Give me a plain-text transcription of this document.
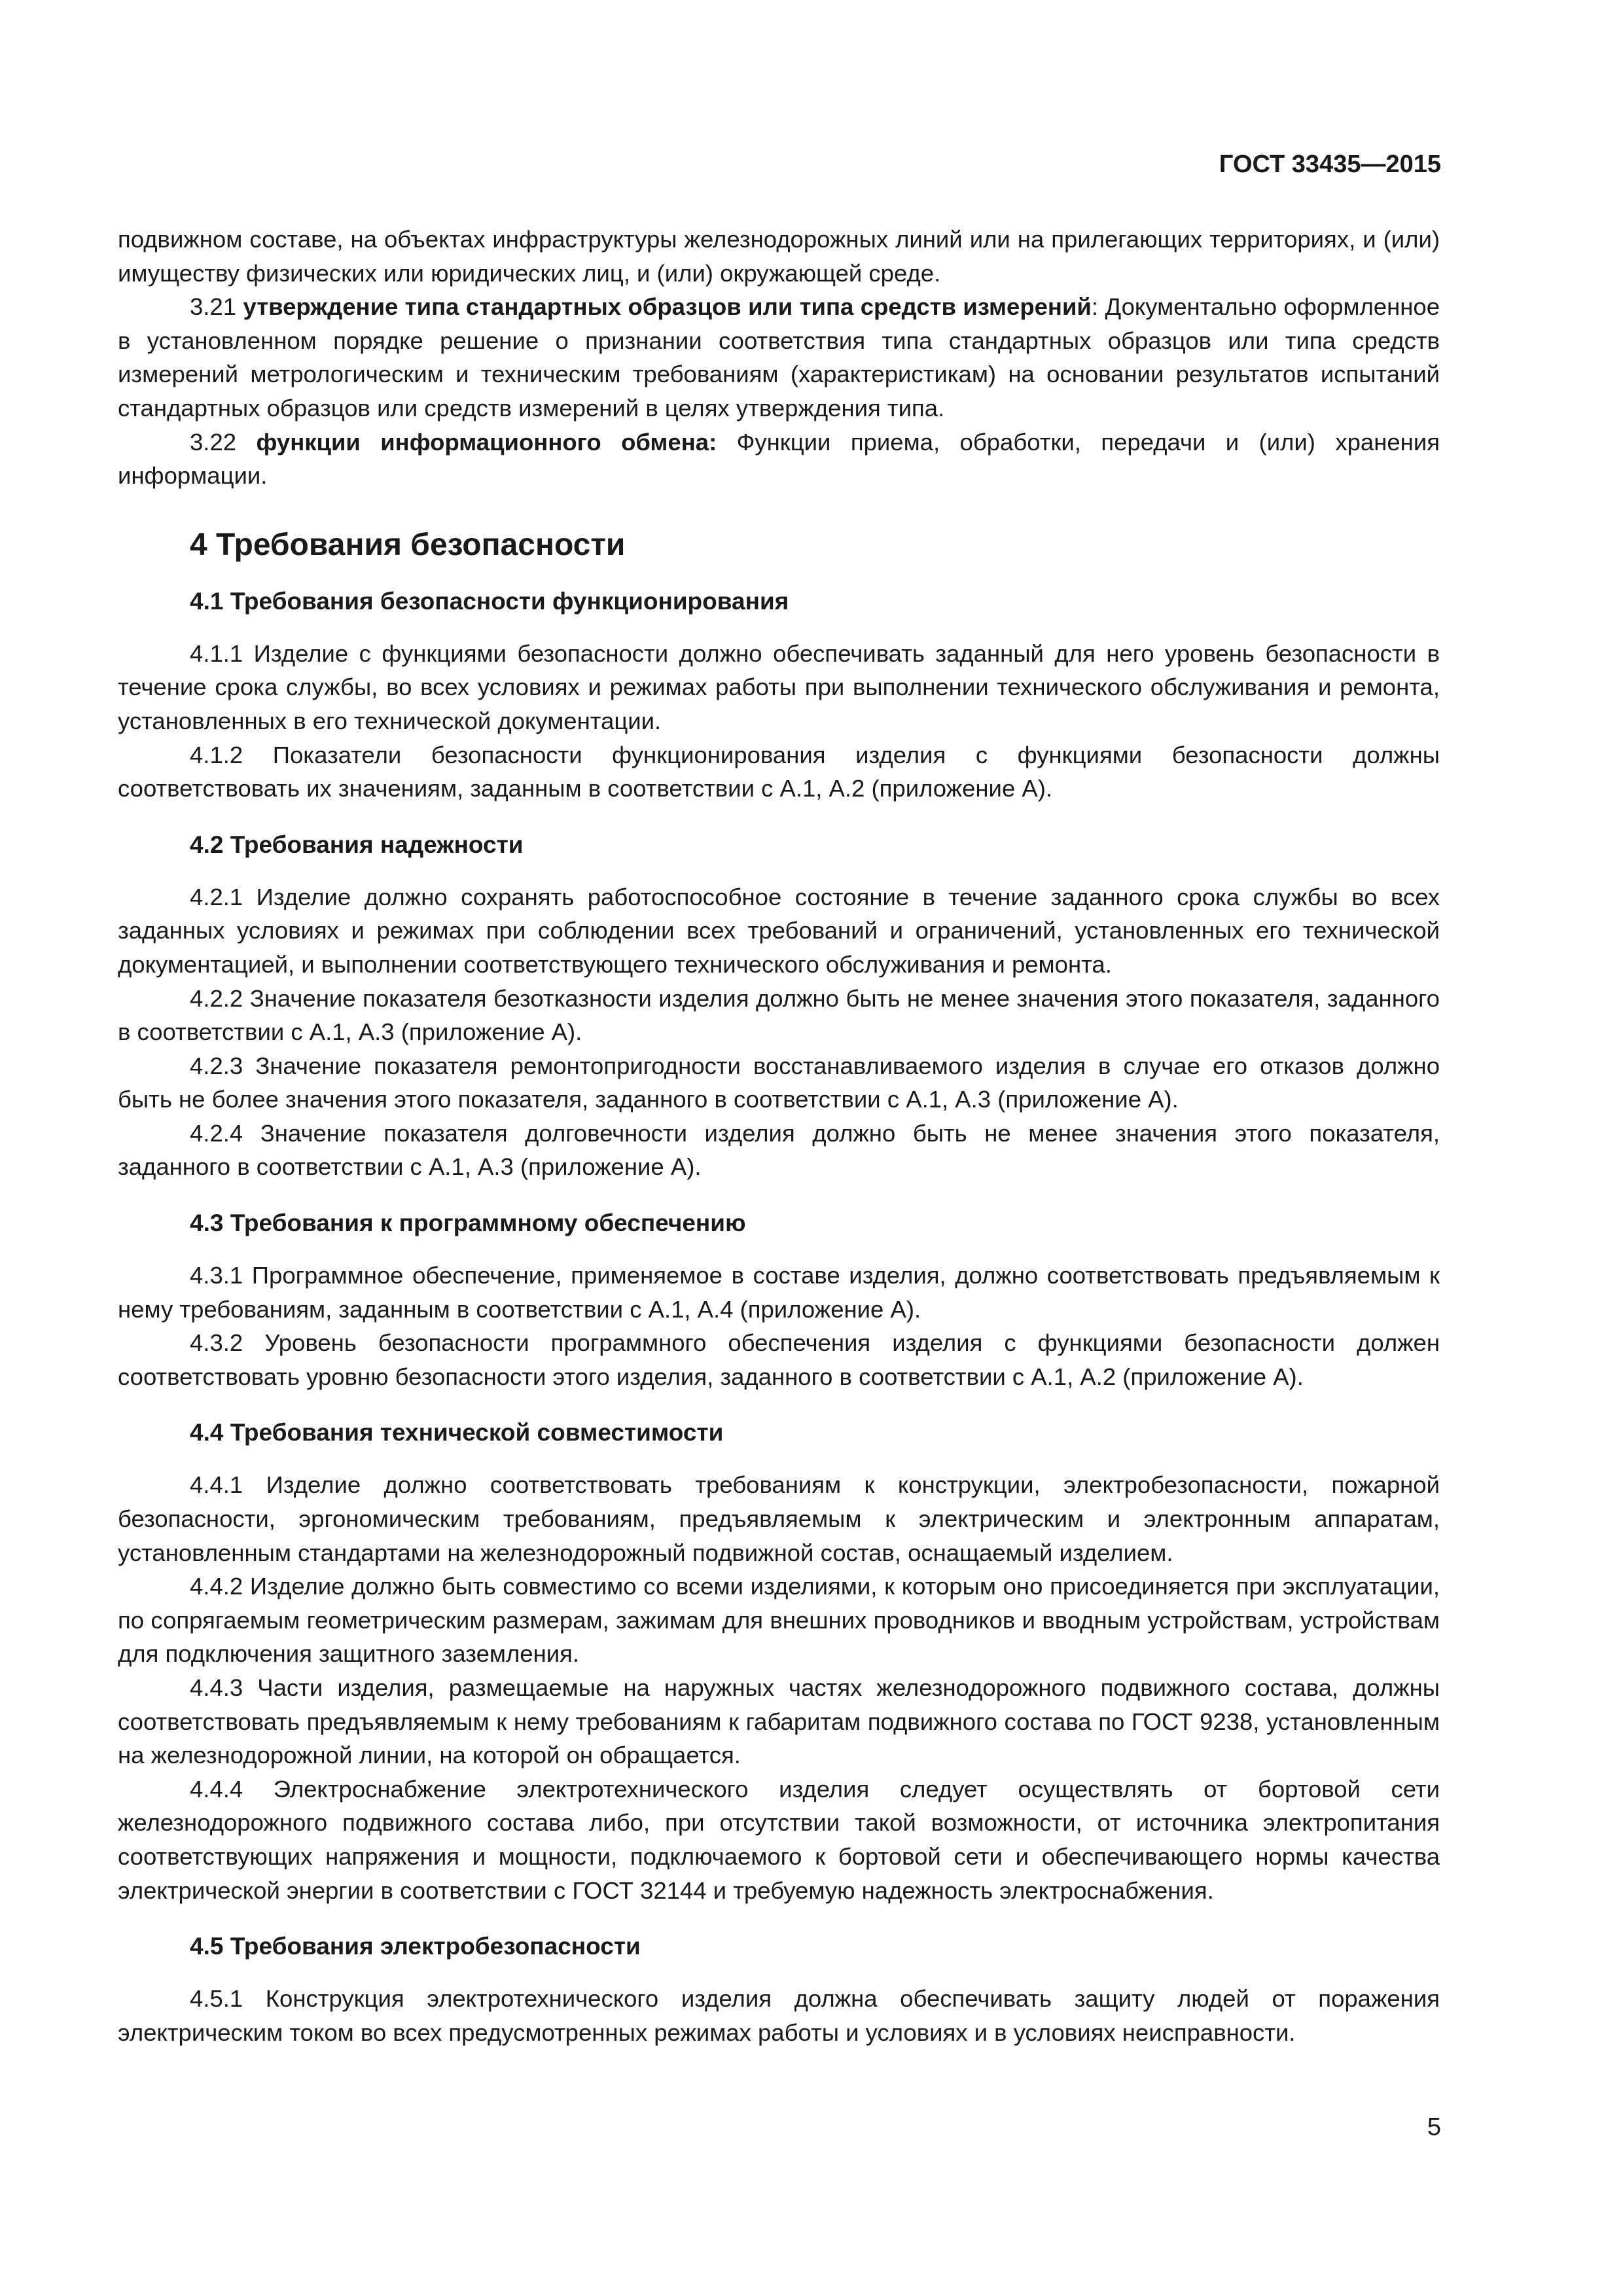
ГОСТ 33435—2015

подвижном составе, на объектах инфраструктуры железнодорожных линий или на прилегающих территориях, и (или) имуществу физических или юридических лиц, и (или) окружающей среде.

3.21 утверждение типа стандартных образцов или типа средств измерений: Документально оформленное в установленном порядке решение о признании соответствия типа стандартных образцов или типа средств измерений метрологическим и техническим требованиям (характеристикам) на основании результатов испытаний стандартных образцов или средств измерений в целях утверждения типа.

3.22 функции информационного обмена: Функции приема, обработки, передачи и (или) хранения информации.

4 Требования безопасности
4.1 Требования безопасности функционирования

4.1.1 Изделие с функциями безопасности должно обеспечивать заданный для него уровень безопасности в течение срока службы, во всех условиях и режимах работы при выполнении технического обслуживания и ремонта, установленных в его технической документации.

4.1.2 Показатели безопасности функционирования изделия с функциями безопасности должны соответствовать их значениям, заданным в соответствии с А.1, А.2 (приложение А).

4.2 Требования надежности

4.2.1 Изделие должно сохранять работоспособное состояние в течение заданного срока службы во всех заданных условиях и режимах при соблюдении всех требований и ограничений, установленных его технической документацией, и выполнении соответствующего технического обслуживания и ремонта.

4.2.2 Значение показателя безотказности изделия должно быть не менее значения этого показателя, заданного в соответствии с А.1, А.3 (приложение А).

4.2.3 Значение показателя ремонтопригодности восстанавливаемого изделия в случае его отказов должно быть не более значения этого показателя, заданного в соответствии с А.1, А.3 (приложение А).

4.2.4 Значение показателя долговечности изделия должно быть не менее значения этого показателя, заданного в соответствии с А.1, А.3 (приложение А).

4.3 Требования к программному обеспечению

4.3.1 Программное обеспечение, применяемое в составе изделия, должно соответствовать предъявляемым к нему требованиям, заданным в соответствии с А.1, А.4 (приложение А).

4.3.2 Уровень безопасности программного обеспечения изделия с функциями безопасности должен соответствовать уровню безопасности этого изделия, заданного в соответствии с А.1, А.2 (приложение А).

4.4 Требования технической совместимости

4.4.1 Изделие должно соответствовать требованиям к конструкции, электробезопасности, пожарной безопасности, эргономическим требованиям, предъявляемым к электрическим и электронным аппаратам, установленным стандартами на железнодорожный подвижной состав, оснащаемый изделием.

4.4.2 Изделие должно быть совместимо со всеми изделиями, к которым оно присоединяется при эксплуатации, по сопрягаемым геометрическим размерам, зажимам для внешних проводников и вводным устройствам, устройствам для подключения защитного заземления.

4.4.3 Части изделия, размещаемые на наружных частях железнодорожного подвижного состава, должны соответствовать предъявляемым к нему требованиям к габаритам подвижного состава по ГОСТ 9238, установленным на железнодорожной линии, на которой он обращается.

4.4.4 Электроснабжение электротехнического изделия следует осуществлять от бортовой сети железнодорожного подвижного состава либо, при отсутствии такой возможности, от источника электропитания соответствующих напряжения и мощности, подключаемого к бортовой сети и обеспечивающего нормы качества электрической энергии в соответствии с ГОСТ 32144 и требуемую надежность электроснабжения.

4.5 Требования электробезопасности

4.5.1 Конструкция электротехнического изделия должна обеспечивать защиту людей от поражения электрическим током во всех предусмотренных режимах работы и условиях и в условиях неисправности.

5
